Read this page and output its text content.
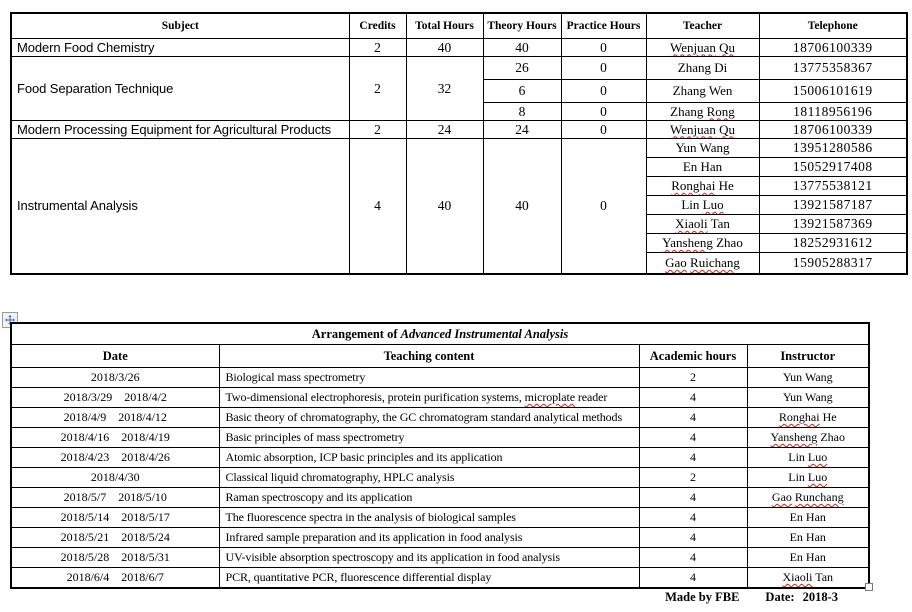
Subject	Credits	Total Hours	Theory Hours	Practice Hours	Teacher	Telephone
Modern Food Chemistry	2	40	40	0	Wenjuan Qu	18706100339
Food Separation Technique	2	32	26	0	Zhang Di	13775358367
			6	0	Zhang Wen	15006101619
			8	0	Zhang Rong	18118956196
Modern Processing Equipment for Agricultural Products	2	24	24	0	Wenjuan Qu	18706100339
Instrumental Analysis	4	40	40	0	Yun Wang	13951280586
					En Han	15052917408
					Ronghai He	13775538121
					Lin Luo	13921587187
					Xiaoli Tan	13921587369
					Yansheng Zhao	18252931612
					Gao Ruichang	15905288317
Arrangement of Advanced Instrumental Analysis			
Date	Teaching content	Academic hours	Instructor
2018/3/26	Biological mass spectrometry	2	Yun Wang
2018/3/29    2018/4/2	Two-dimensional electrophoresis, protein purification systems, microplate reader	4	Yun Wang
2018/4/9    2018/4/12	Basic theory of chromatography, the GC chromatogram standard analytical methods	4	Ronghai He
2018/4/16    2018/4/19	Basic principles of mass spectrometry	4	Yansheng Zhao
2018/4/23    2018/4/26	Atomic absorption, ICP basic principles and its application	4	Lin Luo
2018/4/30	Classical liquid chromatography, HPLC analysis	2	Lin Luo
2018/5/7    2018/5/10	Raman spectroscopy and its application	4	Gao Runchang
2018/5/14    2018/5/17	The fluorescence spectra in the analysis of biological samples	4	En Han
2018/5/21    2018/5/24	Infrared sample preparation and its application in food analysis	4	En Han
2018/5/28    2018/5/31	UV-visible absorption spectroscopy and its application in food analysis	4	En Han
2018/6/4    2018/6/7	PCR, quantitative PCR, fluorescence differential display	4	Xiaoli Tan
Made by FBE Date: 2018-3
